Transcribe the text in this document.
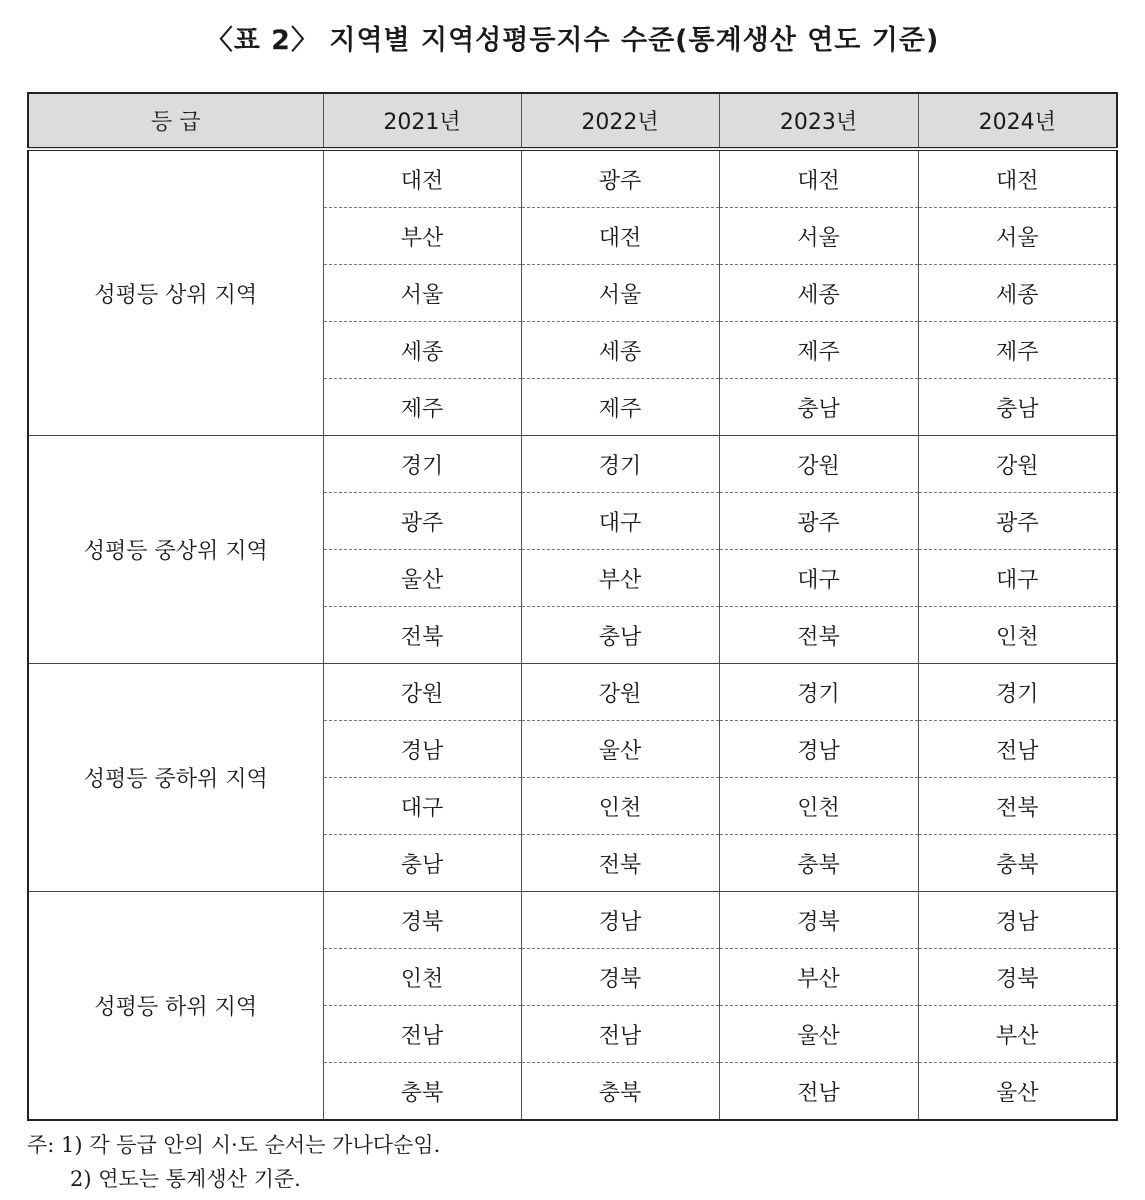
〈표 2〉 지역별 지역성평등지수 수준(통계생산 연도 기준)
등 급	2021년	2022년	2023년	2024년
성평등 상위 지역	대전	광주	대전	대전
	부산	대전	서울	서울
	서울	서울	세종	세종
	세종	세종	제주	제주
	제주	제주	충남	충남
성평등 중상위 지역	경기	경기	강원	강원
	광주	대구	광주	광주
	울산	부산	대구	대구
	전북	충남	전북	인천
성평등 중하위 지역	강원	강원	경기	경기
	경남	울산	경남	전남
	대구	인천	인천	전북
	충남	전북	충북	충북
성평등 하위 지역	경북	경남	경북	경남
	인천	경북	부산	경북
	전남	전남	울산	부산
	충북	충북	전남	울산
주: 1) 각 등급 안의 시·도 순서는 가나다순임.
2) 연도는 통계생산 기준.
